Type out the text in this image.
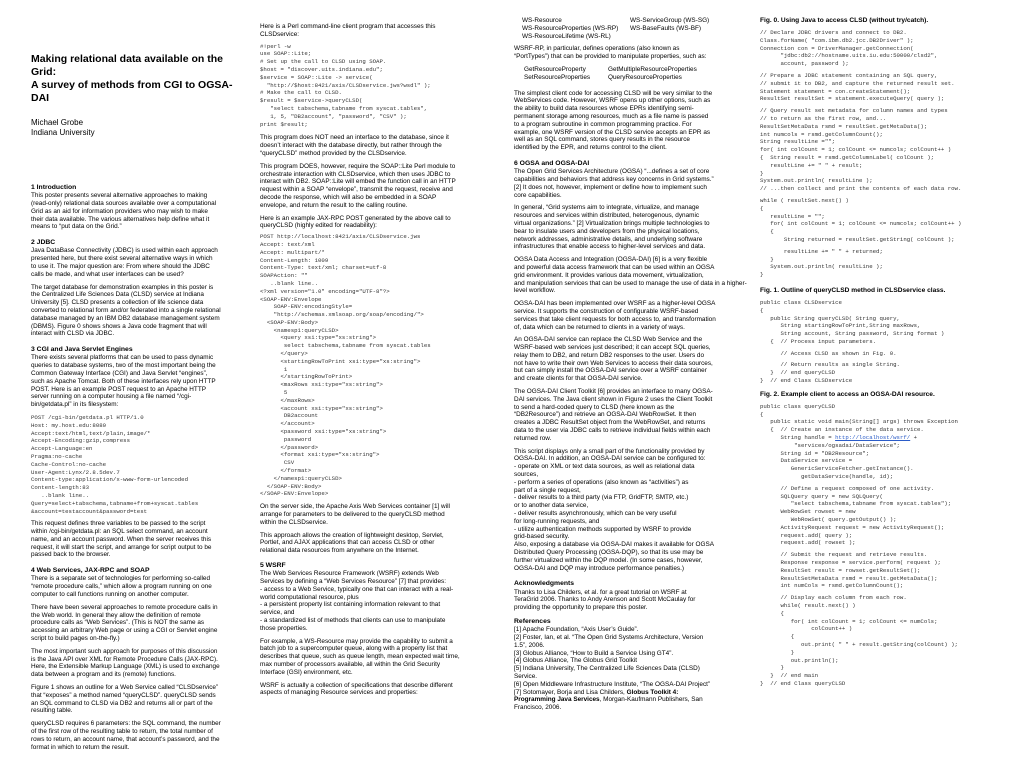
Making relational data available on the Grid:

A survey of methods from CGI to OGSA-DAI

Michael Grobe

Indiana University

1 Introduction

This poster presents several alternative approaches to making

(read-only) relational data sources available over a computational

Grid as an aid for information providers who may wish to make

their data available. The various alternatives help define what it

means to “put data on the Grid.”

2 JDBC

Java DataBase Connectivity (JDBC) is used within each approach

presented here, but there exist several alternative ways in which

to use it. The major question are: From where should the JDBC

calls be made, and what user interfaces can be used?

The target database for demonstration examples in this poster is

the Centralized Life Sciences Data (CLSD) service at Indiana

University [5]. CLSD presents a collection of life science data

converted to relational form and/or federated into a single relational

database managed by an IBM DB2 database management system

(DBMS). Figure 0 shows shows a Java code fragment that will

interact with CLSD via JDBC.

3 CGI and Java Servlet Engines

There exists several platforms that can be used to pass dynamic

queries to database systems, two of the most important being the

Common Gateway Interface (CGI) and Java Servlet “engines”,

such as Apache Tomcat. Both of these interfaces rely upon HTTP

POST. Here is an example POST request to an Apache HTTP

server running on a computer housing a file named “/cgi-

bin/getdata.pl” in its filesystem:

POST /cgi-bin/getdata.pl HTTP/1.0
Host: my.host.edu:8080
Accept:text/html,text/plain,image/*
Accept-Encoding:gzip,compress
Accept-Language:en
Pragma:no-cache
Cache-Control:no-cache
User-Agent:Lynx/2.8.5dev.7
Content-type:application/x-www-form-urlencoded
Content-length:83
..blank line..
Query=select+tabschema,tabname+from+syscat.tables
&account=testaccount&password=test

This request defines three variables to be passed to the script

within /cgi-bin/getdata.pl: an SQL select command, an account

name, and an account password. When the server receives this

request, it will start the script, and arrange for script output to be

passed back to the browser.

4 Web Services, JAX-RPC and SOAP

There is a separate set of technologies for performing so-called

“remote procedure calls,” which allow a program running on one

computer to call functions running on another computer.

There have been several approaches to remote procedure calls in

the Web world. In general they allow the definition of remote

procedure calls as “Web Services”. (This is NOT the same as

accessing an arbitrary Web page or using a CGI or Servlet engine

script to build pages on-the-fly.)

The most important such approach for purposes of this discussion

is the Java API over XML for Remote Procedure Calls (JAX-RPC).

Here, the Extensible Markup Language (XML) is used to exchange

data between a program and its (remote) functions.

Figure 1 shows an outline for a Web Service called “CLSDservice”

that “exposes” a method named “queryCLSD”. queryCLSD sends

an SQL command to CLSD via DB2 and returns all or part of the

resulting table.

queryCLSD requires 6 parameters: the SQL command, the number

of the first row of the resulting table to return, the total number of

rows to return, an account name, that account’s password, and the

format in which to return the result.

Here is a Perl command-line client program that accesses this

CLSDservice:

#!perl -w
use SOAP::Lite;
# Set up the call to CLSD using SOAP.
$host = "discover.uits.indiana.edu";
$service = SOAP::Lite -> service(
"http://$host:8421/axis/CLSDservice.jws?wsdl" );
# Make the call to CLSD.
$result = $service->queryCLSD(
"select tabschema,tabname from syscat.tables",
1, 5, "DB2account", "password", "CSV" );
print $result;

This program does NOT need an interface to the database, since it

doesn’t interact with the database directly, but rather through the

“queryCLSD” method provided by the CLSDservice.

This program DOES, however, require the SOAP::Lite Perl module to

orchestrate interaction with CLSDservice, which then uses JDBC to

interact with DB2. SOAP::Lite will embed the function call in an HTTP

request within a SOAP “envelope”, transmit the request, receive and

decode the response, which will also be embedded in a SOAP

envelope, and return the result to the calling routine.

Here is an example JAX-RPC POST generated by the above call to

queryCLSD (highly edited for readability):

POST http://localhost:8421/axis/CLSDservice.jws
Accept: text/xml
Accept: multipart/*
Content-Length: 1009
Content-Type: text/xml; charset=utf-8
SOAPAction: ""
..blank line..
<?xml version="1.0" encoding="UTF-8"?>
<SOAP-ENV:Envelope
SOAP-ENV:encodingStyle=
"http://schemas.xmlsoap.org/soap/encoding/">
<SOAP-ENV:Body>
<namesp1:queryCLSD>
<query xsi:type="xs:string">
select tabschema,tabname from syscat.tables
</query>
<startingRowToPrint xsi:type="xs:string">
1
</startingRowToPrint>
<maxRows xsi:type="xs:string">
5
</maxRows>
<account xsi:type="xs:string">
DB2account
</account>
<password xsi:type="xs:string">
password
</password>
<format xsi:type="xs:string">
CSV
</format>
</namesp1:queryCLSD>
</SOAP-ENV:Body>
</SOAP-ENV:Envelope>

On the server side, the Apache Axis Web Services container [1] will

arrange for parameters to be delivered to the queryCLSD method

within the CLSDservice.

This approach allows the creation of lightweight desktop, Servlet,

Portlet, and AJAX applications that can access CLSD or other

relational data resources from anywhere on the Internet.

5 WSRF

The Web Services Resource Framework (WSRF) extends Web

Services by defining a “Web Services Resource” [7] that provides:

- access to a Web Service, typically one that can interact with a real-

world computational resource, plus

- a persistent property list containing information relevant to that

service, and

- a standardized list of methods that clients can use to manipulate

those properties.

For example, a WS-Resource may provide the capability to submit a

batch job to a supercomputer queue, along with a property list that

describes that queue, such as queue length, mean expected wait time,

max number of processors available, all within the Grid Security

Interface (GSI) environment, etc.

WSRF is actually a collection of specifications that describe different

aspects of managing Resource services and properties:

WS-Resource	WS-ServiceGroup (WS-SG)
WS-ResourceProperties (WS-RP)	WS-BaseFaults (WS-BF)
WS-ResourceLifetime (WS-RL)

WSRF-RP, in particular, defines operations (also known as

“PortTypes”) that can be provided to manipulate properties, such as:

GetResourceProperty	GetMultipleResourceProperties
SetResourceProperties	QueryResourceProperties

The simplest client code for accessing CLSD will be very similar to the

WebServices code. However, WSRF opens up other options, such as

the ability to build data resources whose EPRs identifying semi-

permanent storage among resources, much as a file name is passed

to a program subroutine in common programming practice. For

example, one WSRF version of the CLSD service accepts an EPR as

well as an SQL command, stores query results in the resource

identified by the EPR, and returns control to the client.

6 OGSA and OGSA-DAI

The Open Grid Services Architecture (OGSA) “...defines a set of core

capabilities and behaviors that address key concerns in Grid systems.”

[2] It does not, however, implement or define how to implement such

core capabilities.

In general, “Grid systems aim to integrate, virtualize, and manage

resources and services within distributed, heterogenous, dynamic

virtual organizations.” [2] Virtualization brings multiple technologies to

bear to insulate users and developers from the physical locations,

network addresses, administrative details, and underlying software

infrastructures that enable access to higher-level services and data.

OGSA Data Access and Integration (OGSA-DAI) [6] is a very flexible

and powerful data access framework that can be used within an OGSA

grid environment. It provides various data movement, virtualization,

and manipulation services that can be used to manage the use of data in a higher-

level workflow.

OGSA-DAI has been implemented over WSRF as a higher-level OGSA

service. It supports the construction of configurable WSRF-based

services that take client requests for both access to, and transformation

of, data which can be returned to clients in a variety of ways.

An OGSA-DAI service can replace the CLSD Web Service and the

WSRF-based web services just described; it can accept SQL queries,

relay them to DB2, and return DB2 responses to the user. Users do

not have to write their own Web Services to access their data sources,

but can simply install the OGSA-DAI service over a WSRF container

and create clients for that OGSA-DAI service.

The OGSA-DAI Client Toolkit [6] provides an interface to many OGSA-

DAI services. The Java client shown in Figure 2 uses the Client Toolkit

to send a hard-coded query to CLSD (here known as the

“DB2Resource”) and retrieve an OGSA-DAI WebRowSet. It then

creates a JDBC ResultSet object from the WebRowSet, and returns

data to the user via JDBC calls to retrieve individual fields within each

returned row.

This script displays only a small part of the functionality provided by

OGSA-DAI. In addition, an OGSA-DAI service can be configured to:

- operate on XML or text data sources, as well as relational data

sources,

- perform a series of operations (also known as “activities”) as

part of a single request,

- deliver results to a third party (via FTP, GridFTP, SMTP, etc.)

or to another data service,

- deliver results asynchronously, which can be very useful

for long-running requests, and

- utilize authentication methods supported by WSRF to provide

grid-based security.

Also, exposing a database via OGSA-DAI makes it available for OGSA

Distributed Query Processing (OGSA-DQP), so that its use may be

further virtualized within the DQP model. (In some cases, however,

OGSA-DAI and DQP may introduce performance penalties.)

Acknowledgments

Thanks to Lisa Childers, et al. for a great tutorial on WSRF at

TeraGrid 2006. Thanks to Andy Arenson and Scott McCaulay for

providing the opportunity to prepare this poster.

References

[1] Apache Foundation, “Axis User’s Guide”.

[2] Foster, Ian, et al. “The Open Grid Systems Architecture, Version

1.5”, 2006.

[3] Globus Alliance, “How to Build a Service Using GT4”.

[4] Globus Alliance, The Globus Grid Toolkit

[5] Indiana University, The Centralized Life Sciences Data (CLSD)

Service.

[6] Open Middleware Infrastructure Institute, “The OGSA-DAI Project”

[7] Sotomayer, Borja and Lisa Childers, Globus Toolkit 4:

Programming Java Services, Morgan-Kaufmann Publishers, San

Francisco, 2006.

Fig. 0. Using Java to access CLSD (without try/catch).

// Declare JDBC drivers and connect to DB2.
Class.forName( "com.ibm.db2.jcc.DB2Driver" );
Connection con = DriverManager.getConnection(
"jdbc:db2://hostname.uits.iu.edu:50000/clsd2",
account, password );
// Prepare a JDBC statement containing an SQL query,
// submit it to DB2, and capture the returned result set.
Statement statement = con.createStatement();
ResultSet resultSet = statement.executeQuery( query );
// Query result set metadata for column names and types
// to return as the first row, and...
ResultSetMetaData rsmd = resultSet.getMetaData();
int numcols = rsmd.getColumnCount();
String resultLine ="";
for( int colCount = 1; colCount <= numcols; colCount++ )
{  String result = rsmd.getColumnLabel( colCount );
resultLine += " " + result;
}
System.out.println( resultLine );
// ...then collect and print the contents of each data row.
while ( resultSet.next() )
{
resultLine = "";
for( int colCount = 1; colCount <= numcols; colCount++ )
{
String returned = resultSet.getString( colCount );
resultLine += " " + returned;
}
System.out.println( resultLine );
}

Fig. 1. Outline of queryCLSD method in CLSDservice class.

public class CLSDservice
{
public String queryCLSD( String query,
String startingRowToPrint,String maxRows,
String account, String password, String format )
{  // Process input parameters.
// Access CLSD as shown in Fig. 0.
// Return results as single String.
}  // end queryCLSD
}  // end Class CLSDservice

Fig. 2. Example client to access an OGSA-DAI resource.

public class queryCLSD
{
public static void main(String[] args) throws Exception
{  // Create an instance of the data service.
String handle = http://localhost/wsrf/ +
"services/ogsadai/DataService";
String id = "DB2Resource";
DataService service =
GenericServiceFetcher.getInstance().
getDataService(handle, id);
// Define a request composed of one activity.
SQLQuery query = new SQLQuery(
"select tabschema,tabname from syscat.tables");
WebRowSet rowset = new
WebRowSet( query.getOutput() );
ActivityRequest request = new ActivityRequest();
request.add( query );
request.add( rowset );
// Submit the request and retrieve results.
Response response = service.perform( request );
ResultSet result = rowset.getResultSet();
ResultSetMetaData rsmd = result.getMetaData();
int numCols = rsmd.getColumnCount();
// Display each column from each row.
while( result.next() )
{
for( int colCount = 1; colCount <= numCols;
colCount++ )
{
out.print( " " + result.getString(colCount) );
}
out.println();
}
}  // end main
}  // end Class queryCLSD
